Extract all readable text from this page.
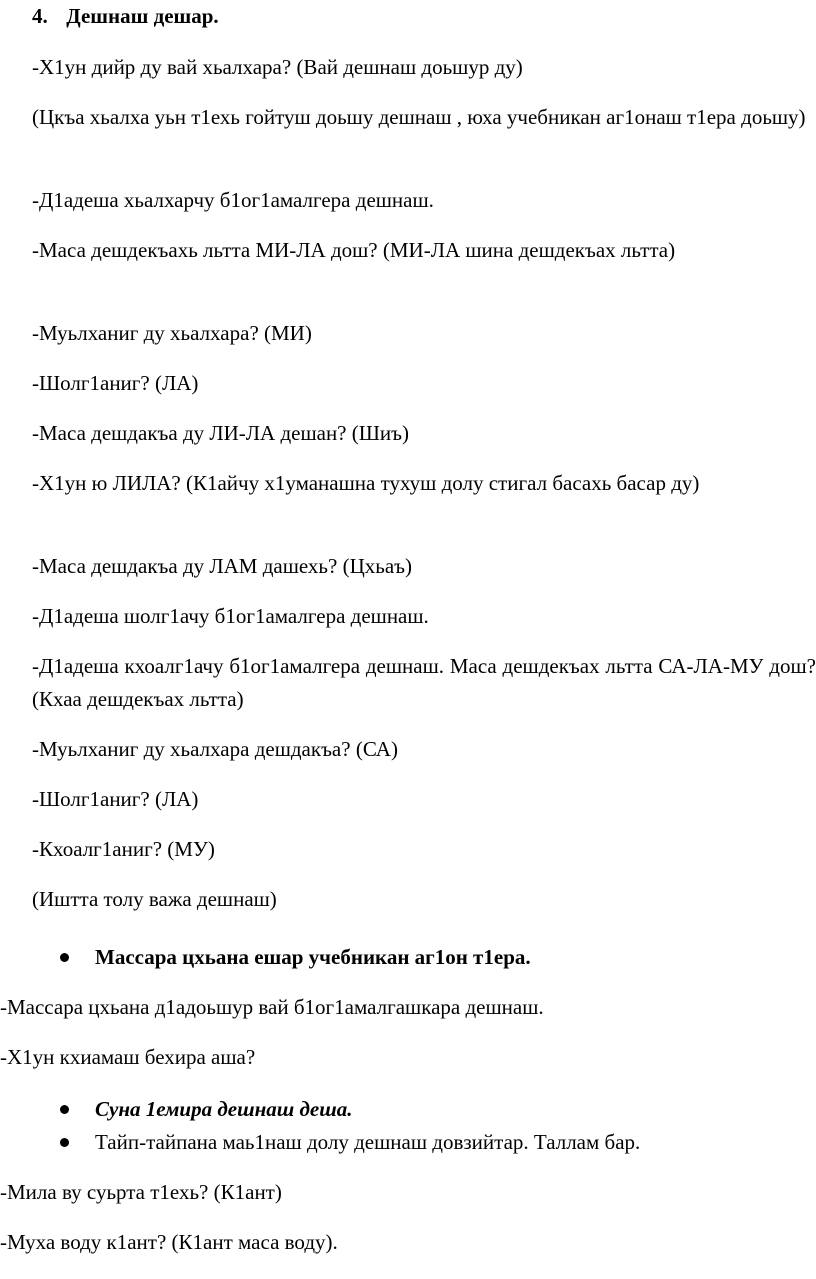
4. Дешнаш дешар.
-Х1ун дийр ду вай хьалхара? (Вай дешнаш доьшур ду)
(Цкъа хьалха уьн т1ехь гойтуш доьшу дешнаш , юха учебникан аг1онаш т1ера доьшу)
-Д1адеша хьалхарчу б1ог1амалгера дешнаш.
-Маса дешдекъахь льтта МИ-ЛА дош? (МИ-ЛА шина дешдекъах льтта)
-Муьлханиг ду хьалхара? (МИ)
-Шолг1аниг? (ЛА)
-Маса дешдакъа ду ЛИ-ЛА дешан? (Шиъ)
-Х1ун ю ЛИЛА? (К1айчу х1уманашна тухуш долу стигал басахь басар ду)
-Маса дешдакъа ду ЛАМ дашехь? (Цхьаъ)
-Д1адеша шолг1ачу б1ог1амалгера дешнаш.
-Д1адеша кхоалг1ачу б1ог1амалгера дешнаш. Маса дешдекъах льтта СА-ЛА-МУ дош? (Кхаа дешдекъах льтта)
-Муьлханиг ду хьалхара дешдакъа? (СА)
-Шолг1аниг? (ЛА)
-Кхоалг1аниг? (МУ)
(Иштта толу важа дешнаш)
Массара цхьана ешар учебникан аг1он т1ера.
-Массара цхьана д1адоьшур вай б1ог1амалгашкара дешнаш.
-Х1ун кхиамаш бехира аша?
Суна 1емира дешнаш деша.
Тайп-тайпана маь1наш долу дешнаш довзийтар. Таллам бар.
-Мила ву суьрта т1ехь? (К1ант)
-Муха воду к1ант? (К1ант маса воду).
